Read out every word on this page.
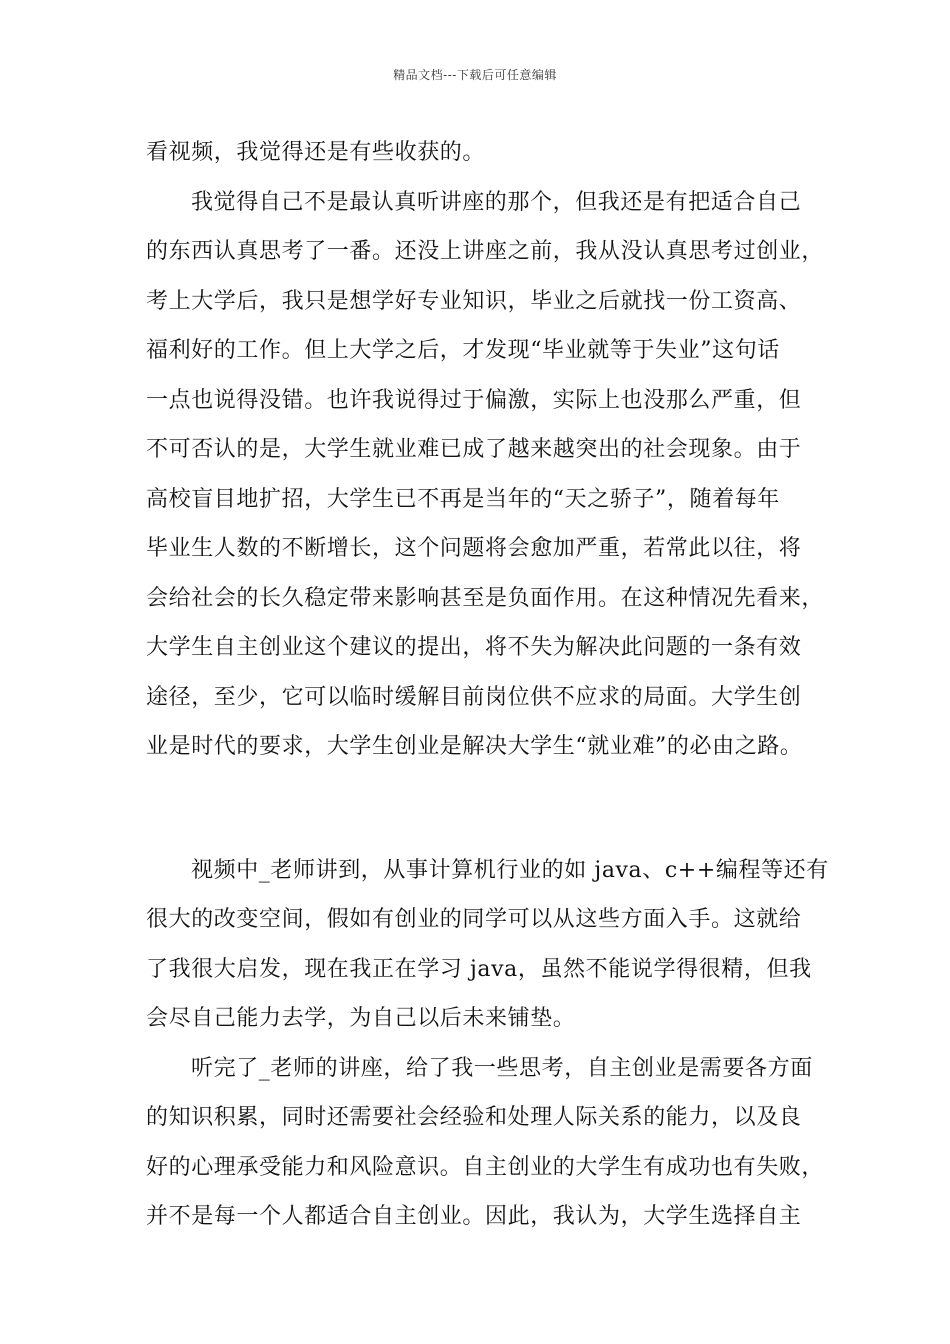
精品文档---下载后可任意编辑
看视频，我觉得还是有些收获的。
我觉得自己不是最认真听讲座的那个，但我还是有把适合自己
的东西认真思考了一番。还没上讲座之前，我从没认真思考过创业，
考上大学后，我只是想学好专业知识，毕业之后就找一份工资高、
福利好的工作。但上大学之后，才发现“毕业就等于失业”这句话
一点也说得没错。也许我说得过于偏激，实际上也没那么严重，但
不可否认的是，大学生就业难已成了越来越突出的社会现象。由于
高校盲目地扩招，大学生已不再是当年的“天之骄子”，随着每年
毕业生人数的不断增长，这个问题将会愈加严重，若常此以往，将
会给社会的长久稳定带来影响甚至是负面作用。在这种情况先看来，
大学生自主创业这个建议的提出，将不失为解决此问题的一条有效
途径，至少，它可以临时缓解目前岗位供不应求的局面。大学生创
业是时代的要求，大学生创业是解决大学生“就业难”的必由之路。
视频中_老师讲到，从事计算机行业的如 java、c++编程等还有
很大的改变空间，假如有创业的同学可以从这些方面入手。这就给
了我很大启发，现在我正在学习 java，虽然不能说学得很精，但我
会尽自己能力去学，为自己以后未来铺垫。
听完了_老师的讲座，给了我一些思考，自主创业是需要各方面
的知识积累，同时还需要社会经验和处理人际关系的能力，以及良
好的心理承受能力和风险意识。自主创业的大学生有成功也有失败，
并不是每一个人都适合自主创业。因此，我认为，大学生选择自主
